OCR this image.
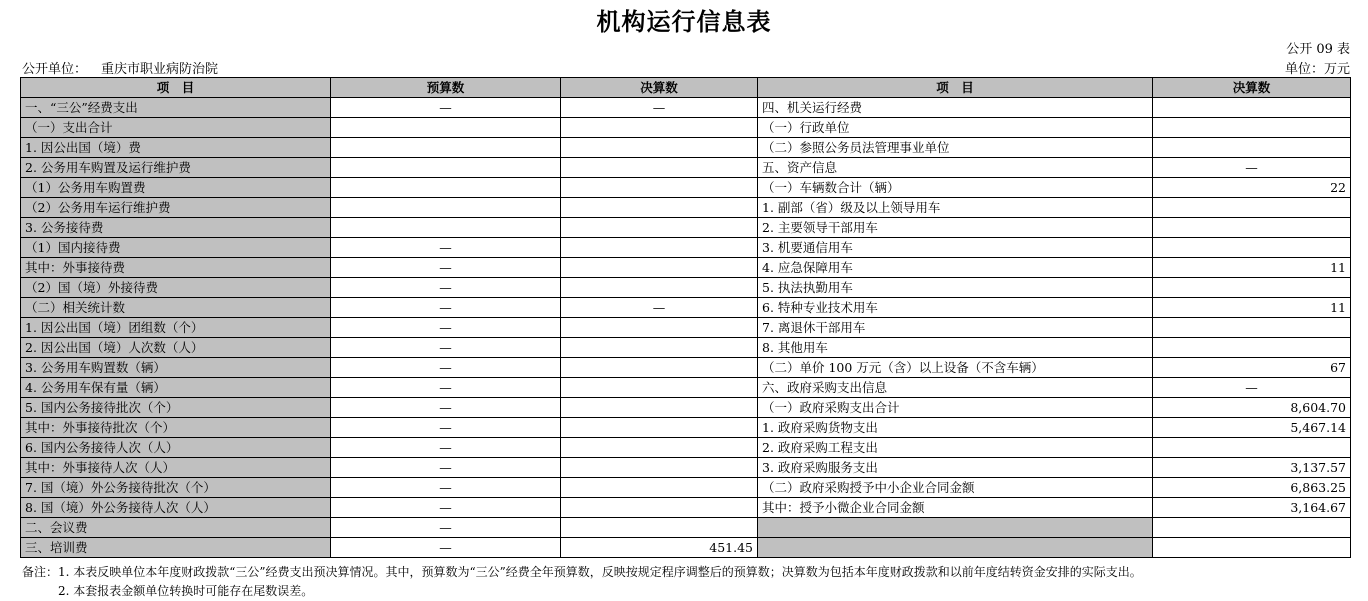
机构运行信息表
公开 09 表
公开单位： 重庆市职业病防治院	单位：万元
项　目	预算数	决算数	项　目	决算数
一、“三公”经费支出	—	—	四、机关运行经费	
（一）支出合计			（一）行政单位	
1. 因公出国（境）费			（二）参照公务员法管理事业单位	
2. 公务用车购置及运行维护费			五、资产信息	—
（1）公务用车购置费			（一）车辆数合计（辆）	22
（2）公务用车运行维护费			1. 副部（省）级及以上领导用车	
3. 公务接待费			2. 主要领导干部用车	
（1）国内接待费	—		3. 机要通信用车	
其中：外事接待费	—		4. 应急保障用车	11
（2）国（境）外接待费	—		5. 执法执勤用车	
（二）相关统计数	—	—	6. 特种专业技术用车	11
1. 因公出国（境）团组数（个）	—		7. 离退休干部用车	
2. 因公出国（境）人次数（人）	—		8. 其他用车	
3. 公务用车购置数（辆）	—		（二）单价 100 万元（含）以上设备（不含车辆）	67
4. 公务用车保有量（辆）	—		六、政府采购支出信息	—
5. 国内公务接待批次（个）	—		（一）政府采购支出合计	8,604.70
其中：外事接待批次（个）	—		1. 政府采购货物支出	5,467.14
6. 国内公务接待人次（人）	—		2. 政府采购工程支出	
其中：外事接待人次（人）	—		3. 政府采购服务支出	3,137.57
7. 国（境）外公务接待批次（个）	—		（二）政府采购授予中小企业合同金额	6,863.25
8. 国（境）外公务接待人次（人）	—		其中：授予小微企业合同金额	3,164.67
二、会议费	—			
三、培训费	—	451.45		
备注：1. 本表反映单位本年度财政拨款“三公”经费支出预决算情况。其中，预算数为“三公”经费全年预算数，反映按规定程序调整后的预算数；决算数为包括本年度财政拨款和以前年度结转资金安排的实际支出。
2. 本套报表金额单位转换时可能存在尾数误差。
